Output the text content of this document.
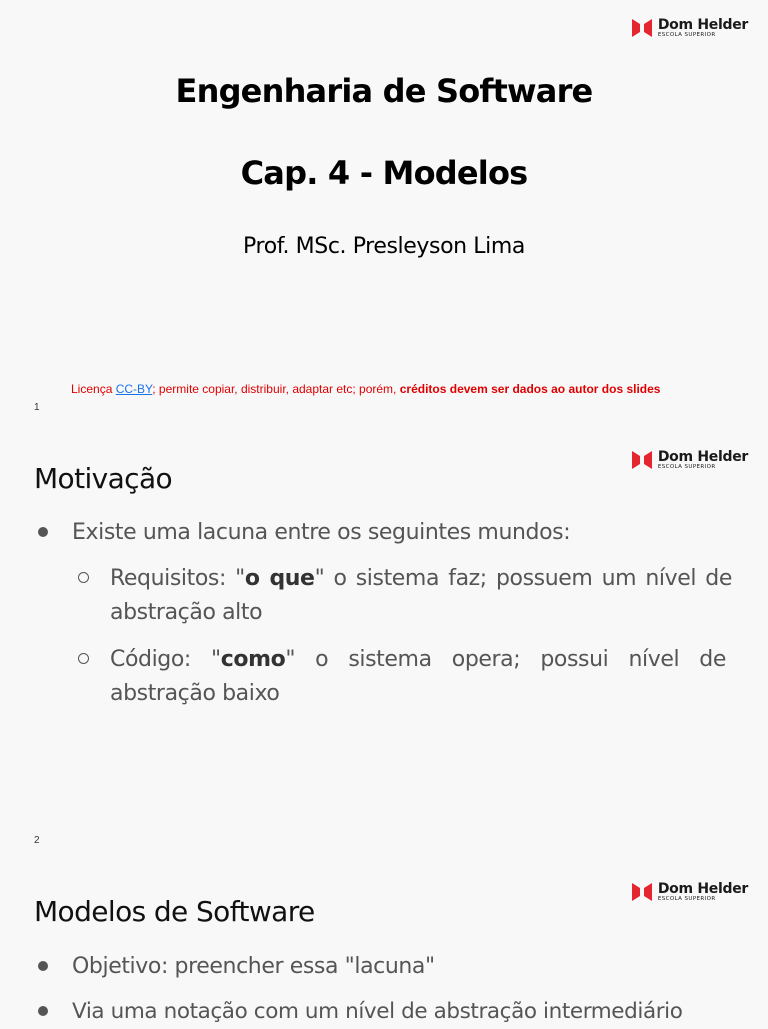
Dom Helder
ESCOLA SUPERIOR
Engenharia de Software
Cap. 4 - Modelos
Prof. MSc. Presleyson Lima
Licença CC-BY; permite copiar, distribuir, adaptar etc; porém, créditos devem ser dados ao autor dos slides
1
Dom Helder
ESCOLA SUPERIOR
Motivação
Existe uma lacuna entre os seguintes mundos:
Requisitos: "o que" o sistema faz; possuem um nível de abstração alto
Código: "como" o sistema opera; possui nível de abstração baixo
2
Dom Helder
ESCOLA SUPERIOR
Modelos de Software
Objetivo: preencher essa "lacuna"
Via uma notação com um nível de abstração intermediário
